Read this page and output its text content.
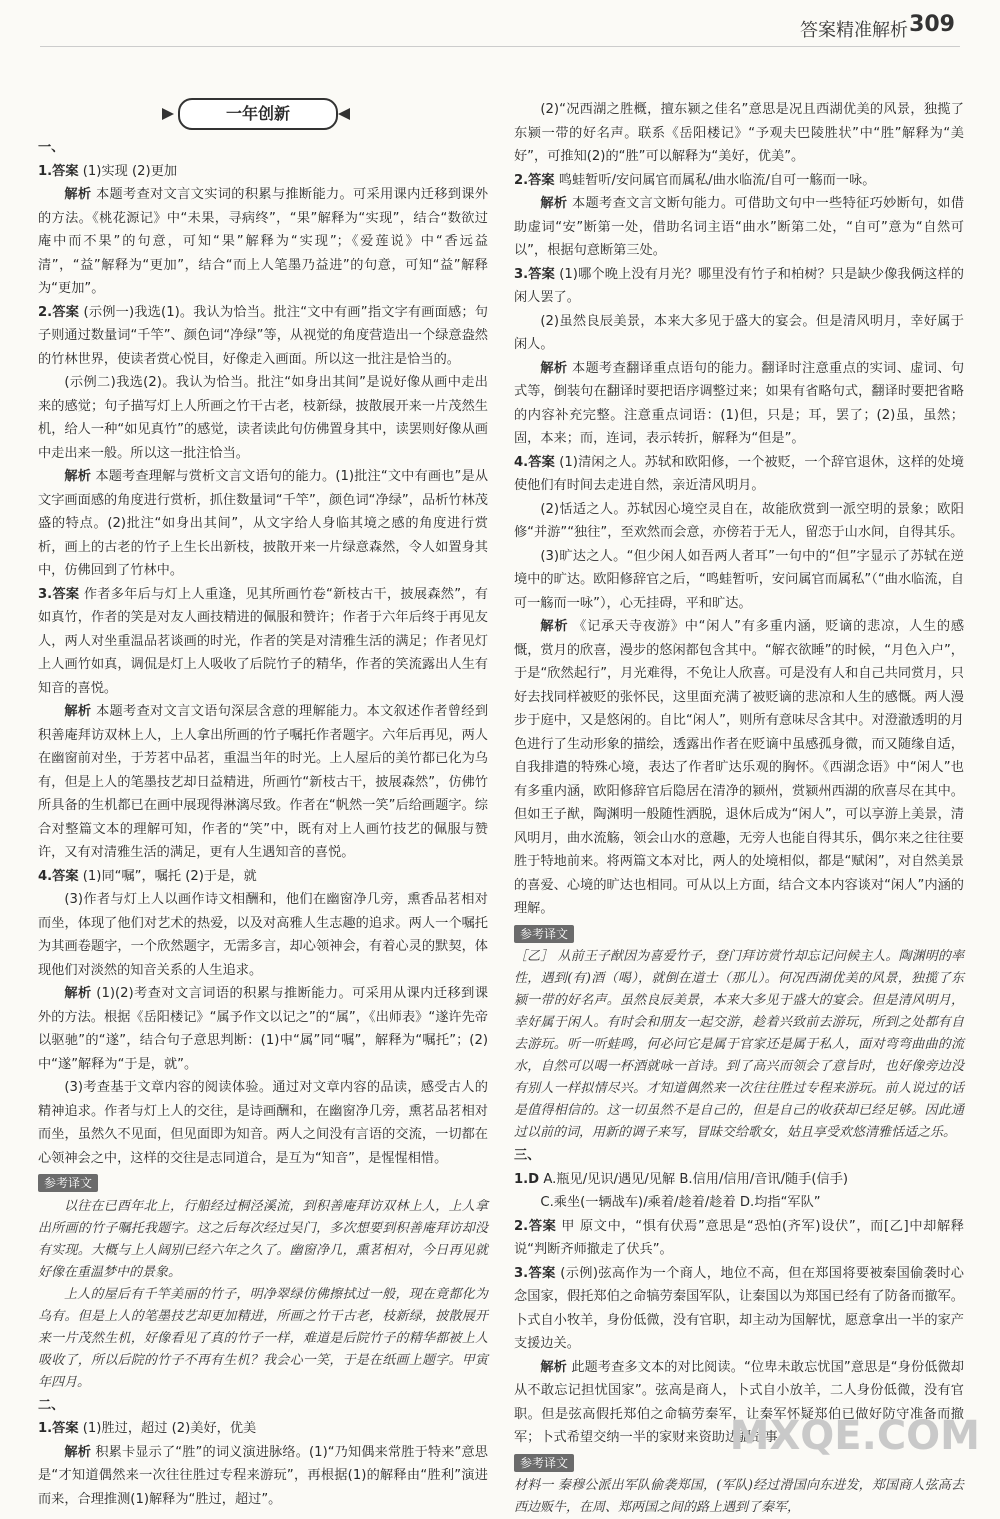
答案精准解析 309
一年创新

一、

1.答案 (1)实现 (2)更加

解析 本题考查对文言文实词的积累与推断能力。可采用课内迁移到课外的方法。《桃花源记》中“未果，寻病终”，“果”解释为“实现”，结合“数欲过庵中而不果”的句意，可知“果”解释为“实现”；《爱莲说》中“香远益清”，“益”解释为“更加”，结合“而上人笔墨乃益进”的句意，可知“益”解释为“更加”。

2.答案 (示例一)我选(1)。我认为恰当。批注“文中有画”指文字有画面感；句子则通过数量词“千竿”、颜色词“净绿”等，从视觉的角度营造出一个绿意盎然的竹林世界，使读者赏心悦目，好像走入画面。所以这一批注是恰当的。

(示例二)我选(2)。我认为恰当。批注“如身出其间”是说好像从画中走出来的感觉；句子描写灯上人所画之竹干古老，枝新绿，披散展开来一片茂然生机，给人一种“如见真竹”的感觉，读者读此句仿佛置身其中，读罢则好像从画中走出来一般。所以这一批注恰当。

解析 本题考查理解与赏析文言文语句的能力。(1)批注“文中有画也”是从文字画面感的角度进行赏析，抓住数量词“千竿”，颜色词“净绿”，品析竹林茂盛的特点。(2)批注“如身出其间”，从文字给人身临其境之感的角度进行赏析，画上的古老的竹子上生长出新枝，披散开来一片绿意森然，令人如置身其中，仿佛回到了竹林中。

3.答案 作者多年后与灯上人重逢，见其所画竹卷“新枝古干，披展森然”，有如真竹，作者的笑是对友人画技精进的佩服和赞许；作者于六年后终于再见友人，两人对坐重温品茗谈画的时光，作者的笑是对清雅生活的满足；作者见灯上人画竹如真，调侃是灯上人吸收了后院竹子的精华，作者的笑流露出人生有知音的喜悦。

解析 本题考查对文言文语句深层含意的理解能力。本文叙述作者曾经到积善庵拜访双林上人，上人拿出所画的竹子嘱托作者题字。六年后再见，两人在幽窗前对坐，于芳茗中品茗，重温当年的时光。上人屋后的美竹都已化为乌有，但是上人的笔墨技艺却日益精进，所画竹“新枝古干，披展森然”，仿佛竹所具备的生机都已在画中展现得淋漓尽致。作者在“帆然一笑”后给画题字。综合对整篇文本的理解可知，作者的“笑”中，既有对上人画竹技艺的佩服与赞许，又有对清雅生活的满足，更有人生遇知音的喜悦。

4.答案 (1)同“嘱”，嘱托 (2)于是，就

(3)作者与灯上人以画作诗文相酬和，他们在幽窗净几旁，熏香品茗相对而坐，体现了他们对艺术的热爱，以及对高雅人生志趣的追求。两人一个嘱托为其画卷题字，一个欣然题字，无需多言，却心领神会，有着心灵的默契，体现他们对淡然的知音关系的人生追求。

解析 (1)(2)考查对文言词语的积累与推断能力。可采用从课内迁移到课外的方法。根据《岳阳楼记》“属予作文以记之”的“属”，《出师表》“遂许先帝以驱驰”的“遂”，结合句子意思判断：(1)中“属”同“嘱”，解释为“嘱托”；(2)中“遂”解释为“于是，就”。

(3)考查基于文章内容的阅读体验。通过对文章内容的品读，感受古人的精神追求。作者与灯上人的交往，是诗画酬和，在幽窗净几旁，熏茗品茗相对而坐，虽然久不见面，但见面即为知音。两人之间没有言语的交流，一切都在心领神会之中，这样的交往是志同道合，是互为“知音”，是惺惺相惜。

参考译文

以往在已酉年北上，行船经过桐泾溪流，到积善庵拜访双林上人，上人拿出所画的竹子嘱托我题字。这之后每次经过吴门，多次想要到积善庵拜访却没有实现。大概与上人阔别已经六年之久了。幽窗净几，熏茗相对，今日再见就好像在重温梦中的景象。

上人的屋后有千竿美丽的竹子，明净翠绿仿佛擦拭过一般，现在竟都化为乌有。但是上人的笔墨技艺却更加精进，所画之竹干古老，枝新绿，披散展开来一片茂然生机，好像看见了真的竹子一样，难道是后院竹子的精华都被上人吸收了，所以后院的竹子不再有生机？我会心一笑，于是在纸画上题字。甲寅年四月。

二、

1.答案 (1)胜过，超过 (2)美好，优美

解析 积累卡显示了“胜”的词义演进脉络。(1)“乃知偶来常胜于特来”意思是“才知道偶然来一次往往胜过专程来游玩”，再根据(1)的解释由“胜利”演进而来，合理推测(1)解释为“胜过，超过”。

(2)“况西湖之胜概，擅东颍之佳名”意思是况且西湖优美的风景，独揽了东颍一带的好名声。联系《岳阳楼记》“予观夫巴陵胜状”中“胜”解释为“美好”，可推知(2)的“胜”可以解释为“美好，优美”。

2.答案 鸣蛙暂听/安问属官而属私/曲水临流/自可一觞而一咏。

解析 本题考查文言文断句能力。可借助文句中一些特征巧妙断句，如借助虚词“安”断第一处，借助名词主语“曲水”断第二处，“自可”意为“自然可以”，根据句意断第三处。

3.答案 (1)哪个晚上没有月光？哪里没有竹子和柏树？只是缺少像我俩这样的闲人罢了。

(2)虽然良辰美景，本来大多见于盛大的宴会。但是清风明月，幸好属于闲人。

解析 本题考查翻译重点语句的能力。翻译时注意重点的实词、虚词、句式等，倒装句在翻译时要把语序调整过来；如果有省略句式，翻译时要把省略的内容补充完整。注意重点词语：(1)但，只是；耳，罢了；(2)虽，虽然；固，本来；而，连词，表示转折，解释为“但是”。

4.答案 (1)清闲之人。苏轼和欧阳修，一个被贬，一个辞官退休，这样的处境使他们有时间去走进自然，亲近清风明月。

(2)恬适之人。苏轼因心境空灵自在，故能欣赏到一派空明的景象；欧阳修“并游”“独往”，至欢然而会意，亦傍若于无人，留恋于山水间，自得其乐。

(3)旷达之人。“但少闲人如吾两人者耳”一句中的“但”字显示了苏轼在逆境中的旷达。欧阳修辞官之后，“鸣蛙暂听，安问属官而属私”（“曲水临流，自可一觞而一咏”），心无挂碍，平和旷达。

解析 《记承天寺夜游》中“闲人”有多重内涵，贬谪的悲凉，人生的感慨，赏月的欣喜，漫步的悠闲都包含其中。“解衣欲睡”的时候，“月色入户”，于是“欣然起行”，月光难得，不免让人欣喜。可是没有人和自己共同赏月，只好去找同样被贬的张怀民，这里面充满了被贬谪的悲凉和人生的感慨。两人漫步于庭中，又是悠闲的。自比“闲人”，则所有意味尽含其中。对澄澈透明的月色进行了生动形象的描绘，透露出作者在贬谪中虽感孤身微，而又随缘自适，自我排遣的特殊心境，表达了作者旷达乐观的胸怀。《西湖念语》中“闲人”也有多重内涵，欧阳修辞官后隐居在清净的颍州，赏颍州西湖的欣喜尽在其中。但如王子猷，陶渊明一般随性洒脱，退休后成为“闲人”，可以享游上美景，清风明月，曲水流觞，领会山水的意趣，无旁人也能自得其乐，偶尔来之往往要胜于特地前来。将两篇文本对比，两人的处境相似，都是“赋闲”，对自然美景的喜爱、心境的旷达也相同。可从以上方面，结合文本内容谈对“闲人”内涵的理解。

参考译文

［乙］ 从前王子猷因为喜爱竹子，登门拜访赏竹却忘记问候主人。陶渊明的率性，遇到(有)酒（喝），就倒在道士（那儿）。何况西湖优美的风景，独揽了东颍一带的好名声。虽然良辰美景，本来大多见于盛大的宴会。但是清风明月，幸好属于闲人。有时会和朋友一起交游，趁着兴致前去游玩，所到之处都有自去游玩。听一听蛙鸣，何必问它是属于官家还是属于私人，面对弯弯曲曲的流水，自然可以喝一杯酒就咏一首诗。到了高兴而领会了意旨时，也好像旁边没有别人一样拟情尽兴。才知道偶然来一次往往胜过专程来游玩。前人说过的话是值得相信的。这一切虽然不是自己的，但是自己的收获却已经足够。因此通过以前的词，用新的调子来写，冒昧交给歌女，姑且享受欢悠清雅恬适之乐。

三、

1.D A.瓶见/见识/遇见/见解 B.信用/信用/音讯/随手(信手)

C.乘坐(一辆战车)/乘着/趁着/趁着 D.均指“军队”

2.答案 甲 原文中，“惧有伏焉”意思是“恐怕(齐军)设伏”，而[乙]中却解释说“判断齐师撤走了伏兵”。

3.答案 (示例)弦高作为一个商人，地位不高，但在郑国将要被秦国偷袭时心念国家，假托郑伯之命犒劳秦国军队，让秦国以为郑国已经有了防备而撤军。卜式自小牧羊，身份低微，没有官职，却主动为国解忧，愿意拿出一半的家产支援边关。

解析 此题考查多文本的对比阅读。“位卑未敢忘忧国”意思是“身份低微却从不敢忘记担忧国家”。弦高是商人，卜式自小放羊，二人身份低微，没有官职。但是弦高假托郑伯之命犒劳秦军，让秦军怀疑郑伯已做好防守准备而撤军；卜式希望交纳一半的家财来资助边疆战事。

参考译文

材料一 秦穆公派出军队偷袭郑国，(军队)经过滑国向东进发，郑国商人弦高去西边贩牛，在周、郑两国之间的路上遇到了秦军，

MXQE.COM
